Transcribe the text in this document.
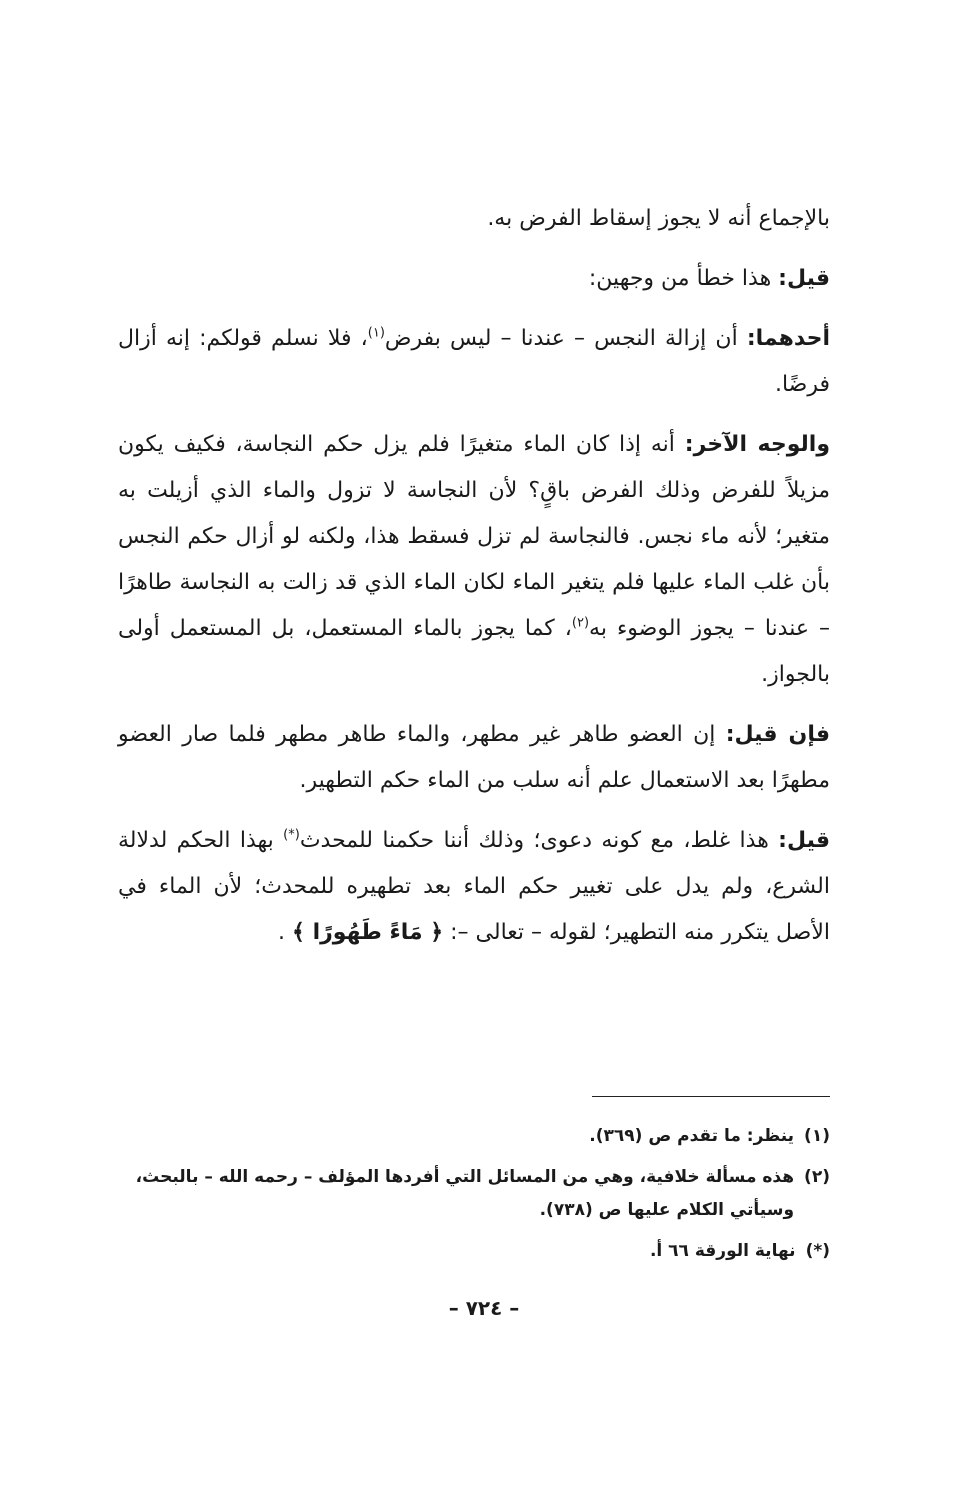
بالإجماع أنه لا يجوز إسقاط الفرض به.

قيل: هذا خطأ من وجهين:

أحدهما: أن إزالة النجس – عندنا – ليس بفرض$^{(١)}$، فلا نسلم قولكم: إنه أزال فرضًا.

والوجه الآخر: أنه إذا كان الماء متغيرًا فلم يزل حكم النجاسة، فكيف يكون مزيلاً للفرض وذلك الفرض باقٍ؟ لأن النجاسة لا تزول والماء الذي أزيلت به متغير؛ لأنه ماء نجس. فالنجاسة لم تزل فسقط هذا، ولكنه لو أزال حكم النجس بأن غلب الماء عليها فلم يتغير الماء لكان الماء الذي قد زالت به النجاسة طاهرًا – عندنا – يجوز الوضوء به$^{(٢)}$، كما يجوز بالماء المستعمل، بل المستعمل أولى بالجواز.

فإن قيل: إن العضو طاهر غير مطهر، والماء طاهر مطهر فلما صار العضو مطهرًا بعد الاستعمال علم أنه سلب من الماء حكم التطهير.

قيل: هذا غلط، مع كونه دعوى؛ وذلك أننا حكمنا للمحدث(*) بهذا الحكم لدلالة الشرع، ولم يدل على تغيير حكم الماء بعد تطهيره للمحدث؛ لأن الماء في الأصل يتكرر منه التطهير؛ لقوله – تعالى –: ﴿ مَاءً طَهُورًا ﴾ .

(١)
ينظر: ما تقدم ص (٣٦٩).
(٢)
هذه مسألة خلافية، وهي من المسائل التي أفردها المؤلف – رحمه الله – بالبحث، وسيأتي الكلام عليها ص (٧٣٨).
(*)
نهاية الورقة ٦٦ أ.
– ٧٢٤ –
